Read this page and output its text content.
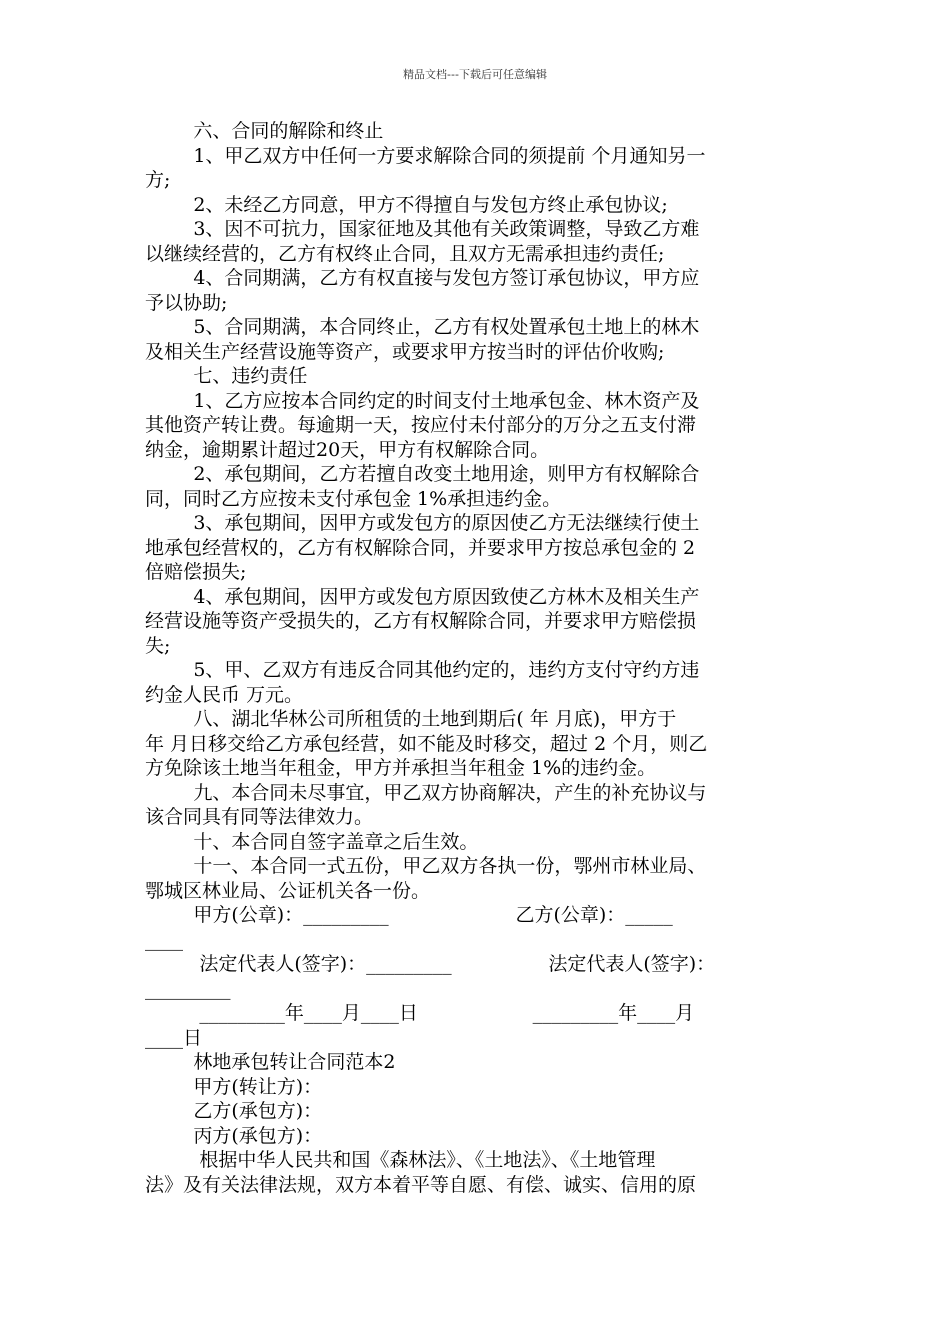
精品文档---下载后可任意编辑
六、合同的解除和终止
1、甲乙双方中任何一方要求解除合同的须提前 个月通知另一
方;
2、未经乙方同意，甲方不得擅自与发包方终止承包协议;
3、因不可抗力，国家征地及其他有关政策调整，导致乙方难
以继续经营的，乙方有权终止合同，且双方无需承担违约责任;
4、合同期满，乙方有权直接与发包方签订承包协议，甲方应
予以协助;
5、合同期满，本合同终止，乙方有权处置承包土地上的林木
及相关生产经营设施等资产，或要求甲方按当时的评估价收购;
七、违约责任
1、乙方应按本合同约定的时间支付土地承包金、林木资产及
其他资产转让费。每逾期一天，按应付未付部分的万分之五支付滞
纳金，逾期累计超过20天，甲方有权解除合同。
2、承包期间，乙方若擅自改变土地用途，则甲方有权解除合
同，同时乙方应按未支付承包金 1%承担违约金。
3、承包期间，因甲方或发包方的原因使乙方无法继续行使土
地承包经营权的，乙方有权解除合同，并要求甲方按总承包金的 2
倍赔偿损失;
4、承包期间，因甲方或发包方原因致使乙方林木及相关生产
经营设施等资产受损失的，乙方有权解除合同，并要求甲方赔偿损
失;
5、甲、乙双方有违反合同其他约定的，违约方支付守约方违
约金人民币 万元。
八、湖北华林公司所租赁的土地到期后( 年 月底)，甲方于
年 月日移交给乙方承包经营，如不能及时移交，超过 2 个月，则乙
方免除该土地当年租金，甲方并承担当年租金 1%的违约金。
九、本合同未尽事宜，甲乙双方协商解决，产生的补充协议与
该合同具有同等法律效力。
十、本合同自签字盖章之后生效。
十一、本合同一式五份，甲乙双方各执一份，鄂州市林业局、
鄂城区林业局、公证机关各一份。
甲方(公章)：_________                     乙方(公章)：_____
____
法定代表人(签字)：_________                法定代表人(签字)：
_________
_________年____月____日                   _________年____月
____日
林地承包转让合同范本2
甲方(转让方)：
乙方(承包方)：
丙方(承包方)：
根据中华人民共和国《森林法》、《土地法》、《土地管理
法》及有关法律法规，双方本着平等自愿、有偿、诚实、信用的原
